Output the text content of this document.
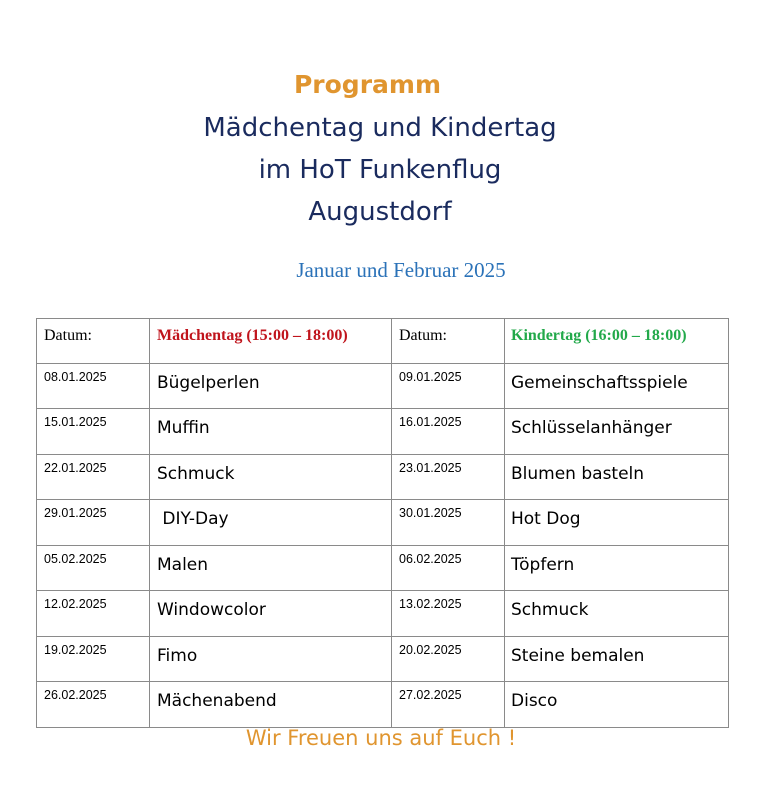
Programm
Mädchentag und Kindertag
im HoT Funkenflug
Augustdorf
Januar und Februar 2025
Datum:	Mädchentag (15:00 – 18:00)	Datum:	Kindertag (16:00 – 18:00)
08.01.2025	Bügelperlen	09.01.2025	Gemeinschaftsspiele
15.01.2025	Muffin	16.01.2025	Schlüsselanhänger
22.01.2025	Schmuck	23.01.2025	Blumen basteln
29.01.2025	DIY-Day	30.01.2025	Hot Dog
05.02.2025	Malen	06.02.2025	Töpfern
12.02.2025	Windowcolor	13.02.2025	Schmuck
19.02.2025	Fimo	20.02.2025	Steine bemalen
26.02.2025	Mächenabend	27.02.2025	Disco
Wir Freuen uns auf Euch !
